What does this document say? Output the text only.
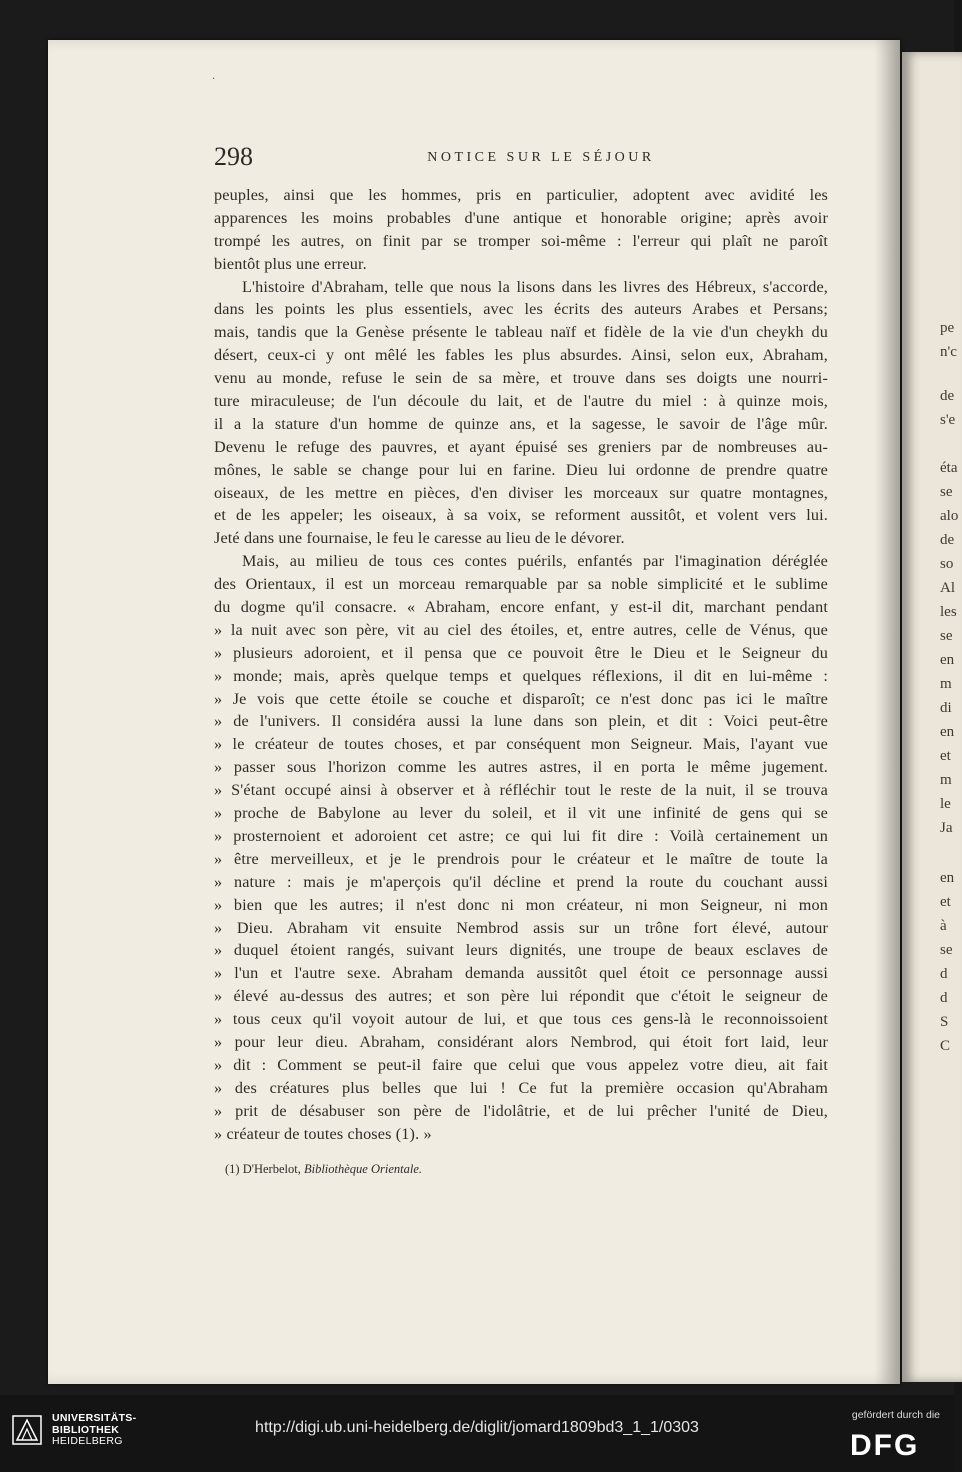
·
298	NOTICE SUR LE SÉJOUR
peuples, ainsi que les hommes, pris en particulier, adoptent avec avidité les
apparences les moins probables d'une antique et honorable origine; après avoir
trompé les autres, on finit par se tromper soi-même : l'erreur qui plaît ne paroît
bientôt plus une erreur.
L'histoire d'Abraham, telle que nous la lisons dans les livres des Hébreux, s'accorde,
dans les points les plus essentiels, avec les écrits des auteurs Arabes et Persans;
mais, tandis que la Genèse présente le tableau naïf et fidèle de la vie d'un cheykh du
désert, ceux-ci y ont mêlé les fables les plus absurdes. Ainsi, selon eux, Abraham,
venu au monde, refuse le sein de sa mère, et trouve dans ses doigts une nourri-
ture miraculeuse; de l'un découle du lait, et de l'autre du miel : à quinze mois,
il a la stature d'un homme de quinze ans, et la sagesse, le savoir de l'âge mûr.
Devenu le refuge des pauvres, et ayant épuisé ses greniers par de nombreuses au-
mônes, le sable se change pour lui en farine. Dieu lui ordonne de prendre quatre
oiseaux, de les mettre en pièces, d'en diviser les morceaux sur quatre montagnes,
et de les appeler; les oiseaux, à sa voix, se reforment aussitôt, et volent vers lui.
Jeté dans une fournaise, le feu le caresse au lieu de le dévorer.
Mais, au milieu de tous ces contes puérils, enfantés par l'imagination déréglée
des Orientaux, il est un morceau remarquable par sa noble simplicité et le sublime
du dogme qu'il consacre. « Abraham, encore enfant, y est-il dit, marchant pendant
» la nuit avec son père, vit au ciel des étoiles, et, entre autres, celle de Vénus, que
» plusieurs adoroient, et il pensa que ce pouvoit être le Dieu et le Seigneur du
» monde; mais, après quelque temps et quelques réflexions, il dit en lui-même :
» Je vois que cette étoile se couche et disparoît; ce n'est donc pas ici le maître
» de l'univers. Il considéra aussi la lune dans son plein, et dit : Voici peut-être
» le créateur de toutes choses, et par conséquent mon Seigneur. Mais, l'ayant vue
» passer sous l'horizon comme les autres astres, il en porta le même jugement.
» S'étant occupé ainsi à observer et à réfléchir tout le reste de la nuit, il se trouva
» proche de Babylone au lever du soleil, et il vit une infinité de gens qui se
» prosternoient et adoroient cet astre; ce qui lui fit dire : Voilà certainement un
» être merveilleux, et je le prendrois pour le créateur et le maître de toute la
» nature : mais je m'aperçois qu'il décline et prend la route du couchant aussi
» bien que les autres; il n'est donc ni mon créateur, ni mon Seigneur, ni mon
» Dieu. Abraham vit ensuite Nembrod assis sur un trône fort élevé, autour
» duquel étoient rangés, suivant leurs dignités, une troupe de beaux esclaves de
» l'un et l'autre sexe. Abraham demanda aussitôt quel étoit ce personnage aussi
» élevé au-dessus des autres; et son père lui répondit que c'étoit le seigneur de
» tous ceux qu'il voyoit autour de lui, et que tous ces gens-là le reconnoissoient
» pour leur dieu. Abraham, considérant alors Nembrod, qui étoit fort laid, leur
» dit : Comment se peut-il faire que celui que vous appelez votre dieu, ait fait
» des créatures plus belles que lui ! Ce fut la première occasion qu'Abraham
» prit de désabuser son père de l'idolâtrie, et de lui prêcher l'unité de Dieu,
» créateur de toutes choses (1). »
(1) D'Herbelot, Bibliothèque Orientale.
pe
n'c
de
s'e
éta
se
alo
de
so
Al
les
se
en
m
di
en
et
m
le
Ja
en
et
à
se
d
d
S
C
UNIVERSITÄTS-
BIBLIOTHEK
HEIDELBERG
http://digi.ub.uni-heidelberg.de/diglit/jomard1809bd3_1_1/0303
gefördert durch die
DFG
